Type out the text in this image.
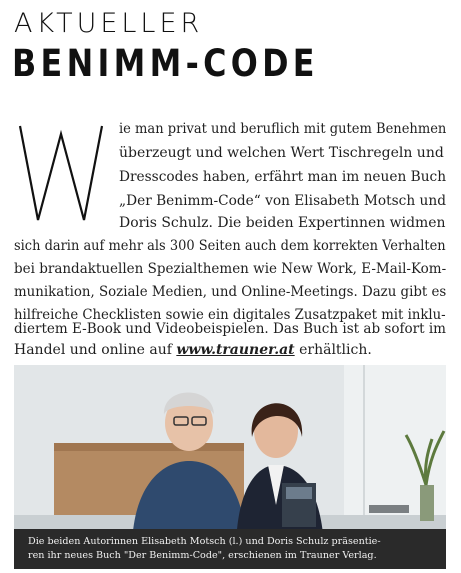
AKTUELLER
BENIMM-CODE
ie man privat und beruflich mit gutem Benehmen
überzeugt und welchen Wert Tischregeln und
Dresscodes haben, erfährt man im neuen Buch
„Der Benimm-Code“ von Elisabeth Motsch und
Doris Schulz. Die beiden Expertinnen widmen
sich darin auf mehr als 300 Seiten auch dem korrekten Verhalten
bei brandaktuellen Spezialthemen wie New Work, E-Mail-Kom-
munikation, Soziale Medien, und Online-Meetings. Dazu gibt es
hilfreiche Checklisten sowie ein digitales Zusatzpaket mit inklu-
diertem E-Book und Videobeispielen. Das Buch ist ab sofort im
Handel und online auf www.trauner.at erhältlich.
Die beiden Autorinnen Elisabeth Motsch (l.) und Doris Schulz präsentie-
ren ihr neues Buch "Der Benimm-Code", erschienen im Trauner Verlag.
